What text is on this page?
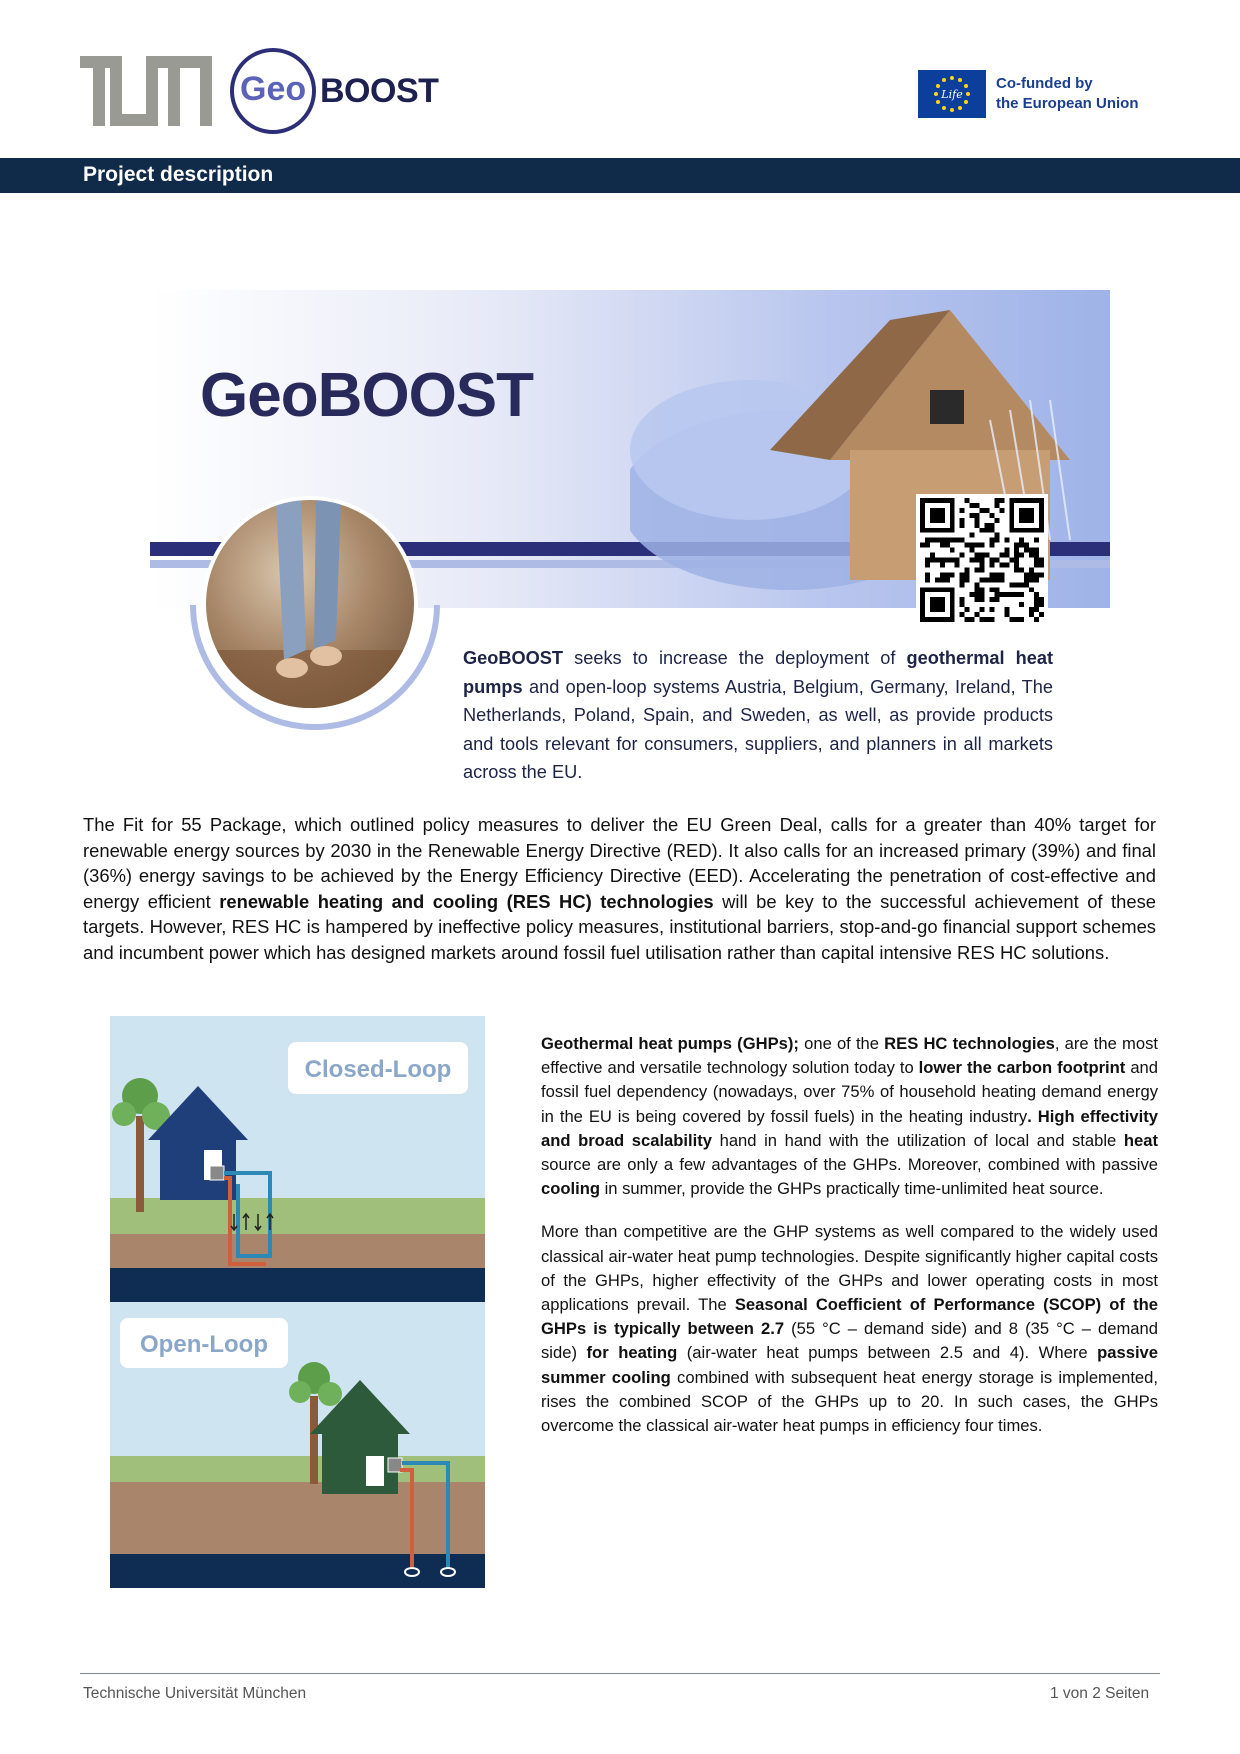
Geo BOOST	Life
Co-funded by
the European Union
Project description
GeoBOOST
GeoBOOST seeks to increase the deployment of geothermal heat pumps and open-loop systems Austria, Belgium, Germany, Ireland, The Netherlands, Poland, Spain, and Sweden, as well, as provide products and tools relevant for consumers, suppliers, and planners in all markets across the EU.
The Fit for 55 Package, which outlined policy measures to deliver the EU Green Deal, calls for a greater than 40% target for renewable energy sources by 2030 in the Renewable Energy Directive (RED). It also calls for an increased primary (39%) and final (36%) energy savings to be achieved by the Energy Efficiency Directive (EED). Accelerating the penetration of cost-effective and energy efficient renewable heating and cooling (RES HC) technologies will be key to the successful achievement of these targets. However, RES HC is hampered by ineffective policy measures, institutional barriers, stop-and-go financial support schemes and incumbent power which has designed markets around fossil fuel utilisation rather than capital intensive RES HC solutions.
Closed-Loop
Open-Loop

Geothermal heat pumps (GHPs); one of the RES HC technologies, are the most effective and versatile technology solution today to lower the carbon footprint and fossil fuel dependency (nowadays, over 75% of household heating demand energy in the EU is being covered by fossil fuels) in the heating industry. High effectivity and broad scalability hand in hand with the utilization of local and stable heat source are only a few advantages of the GHPs. Moreover, combined with passive cooling in summer, provide the GHPs practically time-unlimited heat source.

More than competitive are the GHP systems as well compared to the widely used classical air-water heat pump technologies. Despite significantly higher capital costs of the GHPs, higher effectivity of the GHPs and lower operating costs in most applications prevail. The Seasonal Coefficient of Performance (SCOP) of the GHPs is typically between 2.7 (55 °C – demand side) and 8 (35 °C – demand side) for heating (air-water heat pumps between 2.5 and 4). Where passive summer cooling combined with subsequent heat energy storage is implemented, rises the combined SCOP of the GHPs up to 20. In such cases, the GHPs overcome the classical air-water heat pumps in efficiency four times.

Technische Universität München	1 von 2 Seiten
